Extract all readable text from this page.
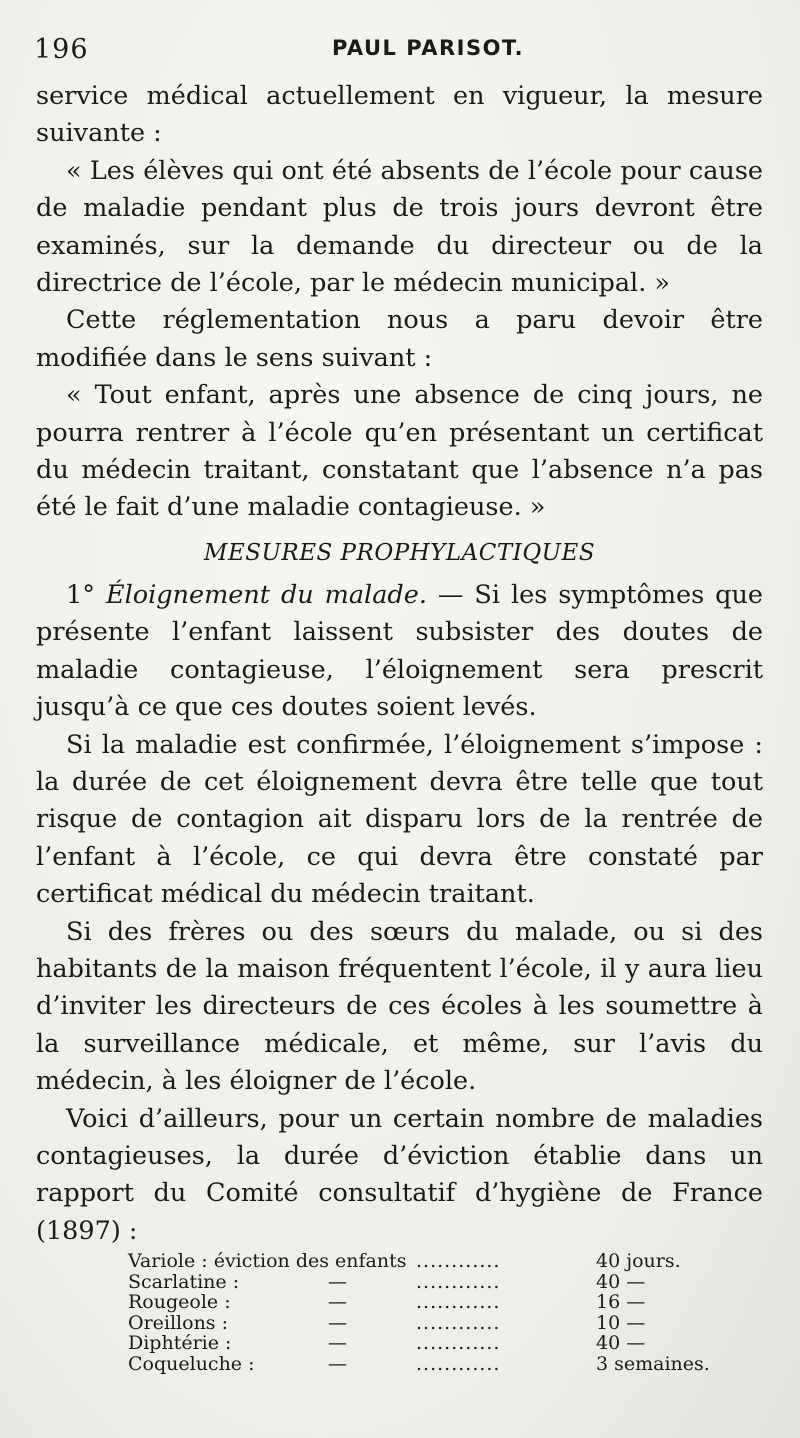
196	PAUL PARISOT.

service médical actuellement en vigueur, la mesure suivante :

« Les élèves qui ont été absents de l’école pour cause de maladie pendant plus de trois jours devront être examinés, sur la demande du directeur ou de la directrice de l’école, par le médecin municipal. »

Cette réglementation nous a paru devoir être modifiée dans le sens suivant :

« Tout enfant, après une absence de cinq jours, ne pourra rentrer à l’école qu’en présentant un certificat du médecin traitant, constatant que l’absence n’a pas été le fait d’une maladie contagieuse. »

MESURES PROPHYLACTIQUES

1° Éloignement du malade. — Si les symptômes que présente l’enfant laissent subsister des doutes de maladie contagieuse, l’éloignement sera prescrit jusqu’à ce que ces doutes soient levés.

Si la maladie est confirmée, l’éloignement s’impose : la durée de cet éloignement devra être telle que tout risque de contagion ait disparu lors de la rentrée de l’enfant à l’école, ce qui devra être constaté par certificat médical du médecin traitant.

Si des frères ou des sœurs du malade, ou si des habitants de la maison fréquentent l’école, il y aura lieu d’inviter les directeurs de ces écoles à les soumettre à la surveillance médicale, et même, sur l’avis du médecin, à les éloigner de l’école.

Voici d’ailleurs, pour un certain nombre de maladies contagieuses, la durée d’éviction établie dans un rapport du Comité consultatif d’hygiène de France (1897) :

Variole : éviction des enfants ............	40 jours.
Scarlatine :	—	............	40 —
Rougeole :	—	............	16 —
Oreillons :	—	............	10 —
Diphtérie :	—	............	40 —
Coqueluche :	—	............	3 semaines.
